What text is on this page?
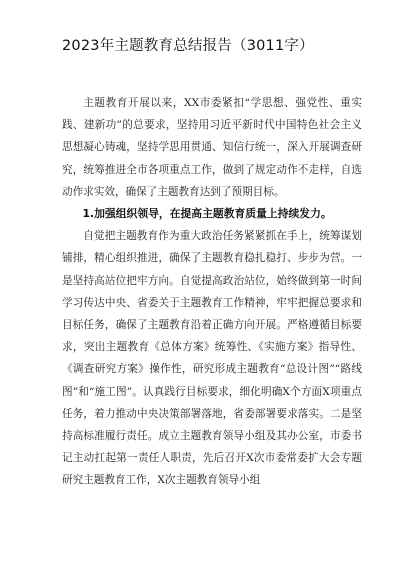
2023年主题教育总结报告（3011字）

主题教育开展以来，XX市委紧扣“学思想、强党性、重实践、建新功”的总要求，坚持用习近平新时代中国特色社会主义思想凝心铸魂，坚持学思用贯通、知信行统一，深入开展调查研究，统筹推进全市各项重点工作，做到了规定动作不走样，自选动作求实效，确保了主题教育达到了预期目标。

1.加强组织领导，在提高主题教育质量上持续发力。

自觉把主题教育作为重大政治任务紧紧抓在手上，统筹谋划铺排，精心组织推进，确保了主题教育稳扎稳打、步步为营。一是坚持高站位把牢方向。自觉提高政治站位，始终做到第一时间学习传达中央、省委关于主题教育工作精神，牢牢把握总要求和目标任务，确保了主题教育沿着正确方向开展。严格遵循目标要求，突出主题教育《总体方案》统筹性、《实施方案》指导性、《调查研究方案》操作性，研究形成主题教育“总设计图”“路线图”和“施工图”。认真践行目标要求，细化明确X个方面X项重点任务，着力推动中央决策部署落地，省委部署要求落实。二是坚持高标准履行责任。成立主题教育领导小组及其办公室，市委书记主动扛起第一责任人职责，先后召开X次市委常委扩大会专题研究主题教育工作，X次主题教育领导小组
